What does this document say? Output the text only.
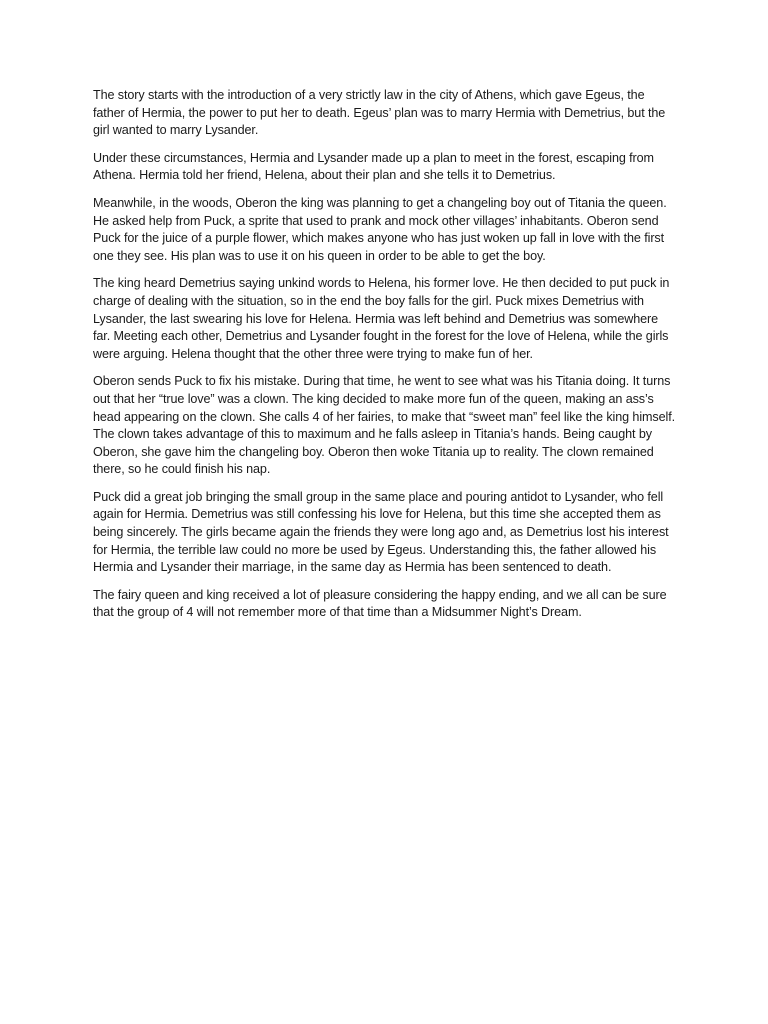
The story starts with the introduction of a very strictly law in the city of Athens, which gave Egeus, the father of Hermia, the power to put her to death. Egeus’ plan was to marry Hermia with Demetrius, but the girl wanted to marry Lysander.

Under these circumstances, Hermia and Lysander made up a plan to meet in the forest, escaping from Athena. Hermia told her friend, Helena, about their plan and she tells it to Demetrius.

Meanwhile, in the woods, Oberon the king was planning to get a changeling boy out of Titania the queen. He asked help from Puck, a sprite that used to prank and mock other villages’ inhabitants. Oberon send Puck for the juice of a purple flower, which makes anyone who has just woken up fall in love with the first one they see. His plan was to use it on his queen in order to be able to get the boy.

The king heard Demetrius saying unkind words to Helena, his former love. He then decided to put puck in charge of dealing with the situation, so in the end the boy falls for the girl. Puck mixes Demetrius with Lysander, the last swearing his love for Helena. Hermia was left behind and Demetrius was somewhere far. Meeting each other, Demetrius and Lysander fought in the forest for the love of Helena, while the girls were arguing. Helena thought that the other three were trying to make fun of her.

Oberon sends Puck to fix his mistake. During that time, he went to see what was his Titania doing. It turns out that her “true love” was a clown. The king decided to make more fun of the queen, making an ass’s head appearing on the clown. She calls 4 of her fairies, to make that “sweet man” feel like the king himself. The clown takes advantage of this to maximum and he falls asleep in Titania’s hands. Being caught by Oberon, she gave him the changeling boy. Oberon then woke Titania up to reality. The clown remained there, so he could finish his nap.

Puck did a great job bringing the small group in the same place and pouring antidot to Lysander, who fell again for Hermia. Demetrius was still confessing his love for Helena, but this time she accepted them as being sincerely. The girls became again the friends they were long ago and, as Demetrius lost his interest for Hermia, the terrible law could no more be used by Egeus. Understanding this, the father allowed his Hermia and Lysander their marriage, in the same day as Hermia has been sentenced to death.

The fairy queen and king received a lot of pleasure considering the happy ending, and we all can be sure that the group of 4 will not remember more of that time than a Midsummer Night’s Dream.
